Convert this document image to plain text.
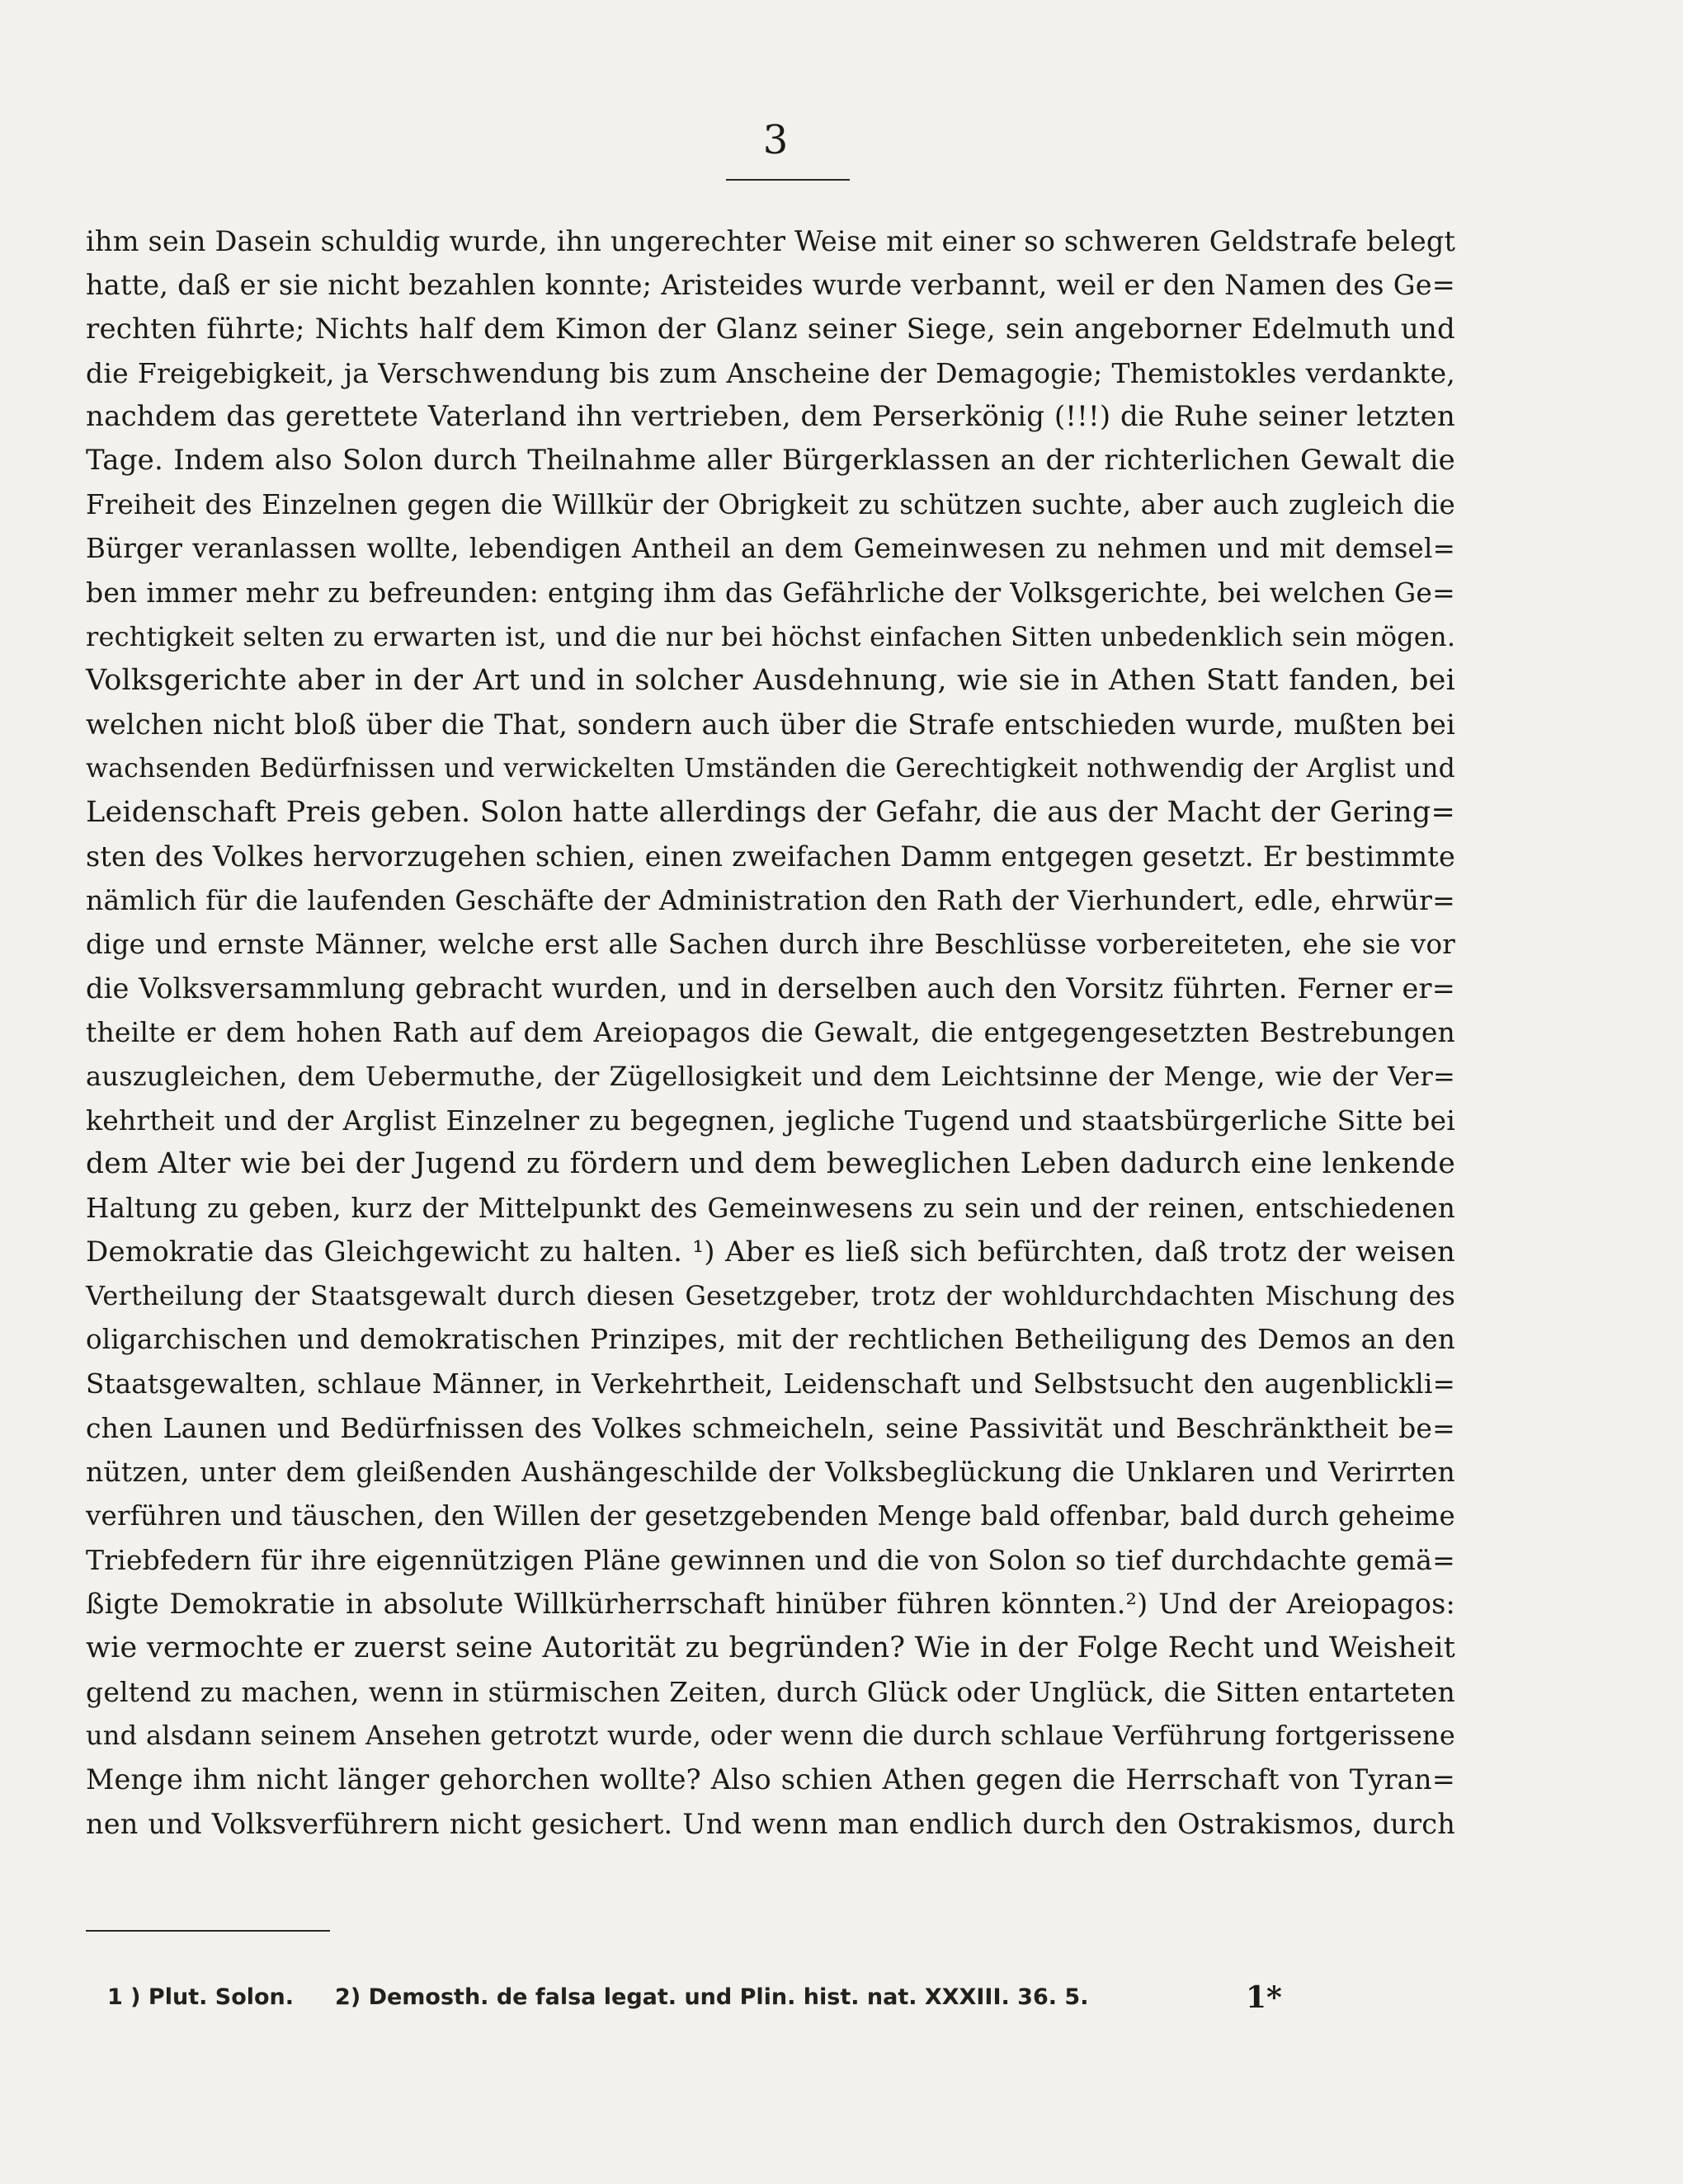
3
ihm sein Dasein schuldig wurde, ihn ungerechter Weise mit einer so schweren Geldstrafe belegt
hatte, daß er sie nicht bezahlen konnte; Aristeides wurde verbannt, weil er den Namen des Ge=
rechten führte; Nichts half dem Kimon der Glanz seiner Siege, sein angeborner Edelmuth und
die Freigebigkeit, ja Verschwendung bis zum Anscheine der Demagogie; Themistokles verdankte,
nachdem das gerettete Vaterland ihn vertrieben, dem Perserkönig (!!!) die Ruhe seiner letzten
Tage. Indem also Solon durch Theilnahme aller Bürgerklassen an der richterlichen Gewalt die
Freiheit des Einzelnen gegen die Willkür der Obrigkeit zu schützen suchte, aber auch zugleich die
Bürger veranlassen wollte, lebendigen Antheil an dem Gemeinwesen zu nehmen und mit demsel=
ben immer mehr zu befreunden: entging ihm das Gefährliche der Volksgerichte, bei welchen Ge=
rechtigkeit selten zu erwarten ist, und die nur bei höchst einfachen Sitten unbedenklich sein mögen.
Volksgerichte aber in der Art und in solcher Ausdehnung, wie sie in Athen Statt fanden, bei
welchen nicht bloß über die That, sondern auch über die Strafe entschieden wurde, mußten bei
wachsenden Bedürfnissen und verwickelten Umständen die Gerechtigkeit nothwendig der Arglist und
Leidenschaft Preis geben. Solon hatte allerdings der Gefahr, die aus der Macht der Gering=
sten des Volkes hervorzugehen schien, einen zweifachen Damm entgegen gesetzt. Er bestimmte
nämlich für die laufenden Geschäfte der Administration den Rath der Vierhundert, edle, ehrwür=
dige und ernste Männer, welche erst alle Sachen durch ihre Beschlüsse vorbereiteten, ehe sie vor
die Volksversammlung gebracht wurden, und in derselben auch den Vorsitz führten. Ferner er=
theilte er dem hohen Rath auf dem Areiopagos die Gewalt, die entgegengesetzten Bestrebungen
auszugleichen, dem Uebermuthe, der Zügellosigkeit und dem Leichtsinne der Menge, wie der Ver=
kehrtheit und der Arglist Einzelner zu begegnen, jegliche Tugend und staatsbürgerliche Sitte bei
dem Alter wie bei der Jugend zu fördern und dem beweglichen Leben dadurch eine lenkende
Haltung zu geben, kurz der Mittelpunkt des Gemeinwesens zu sein und der reinen, entschiedenen
Demokratie das Gleichgewicht zu halten. ¹) Aber es ließ sich befürchten, daß trotz der weisen
Vertheilung der Staatsgewalt durch diesen Gesetzgeber, trotz der wohldurchdachten Mischung des
oligarchischen und demokratischen Prinzipes, mit der rechtlichen Betheiligung des Demos an den
Staatsgewalten, schlaue Männer, in Verkehrtheit, Leidenschaft und Selbstsucht den augenblickli=
chen Launen und Bedürfnissen des Volkes schmeicheln, seine Passivität und Beschränktheit be=
nützen, unter dem gleißenden Aushängeschilde der Volksbeglückung die Unklaren und Verirrten
verführen und täuschen, den Willen der gesetzgebenden Menge bald offenbar, bald durch geheime
Triebfedern für ihre eigennützigen Pläne gewinnen und die von Solon so tief durchdachte gemä=
ßigte Demokratie in absolute Willkürherrschaft hinüber führen könnten.²) Und der Areiopagos:
wie vermochte er zuerst seine Autorität zu begründen? Wie in der Folge Recht und Weisheit
geltend zu machen, wenn in stürmischen Zeiten, durch Glück oder Unglück, die Sitten entarteten
und alsdann seinem Ansehen getrotzt wurde, oder wenn die durch schlaue Verführung fortgerissene
Menge ihm nicht länger gehorchen wollte? Also schien Athen gegen die Herrschaft von Tyran=
nen und Volksverführern nicht gesichert. Und wenn man endlich durch den Ostrakismos, durch
1 ) Plut. Solon. 2) Demosth. de falsa legat. und Plin. hist. nat. XXXIII. 36. 5.	1*
